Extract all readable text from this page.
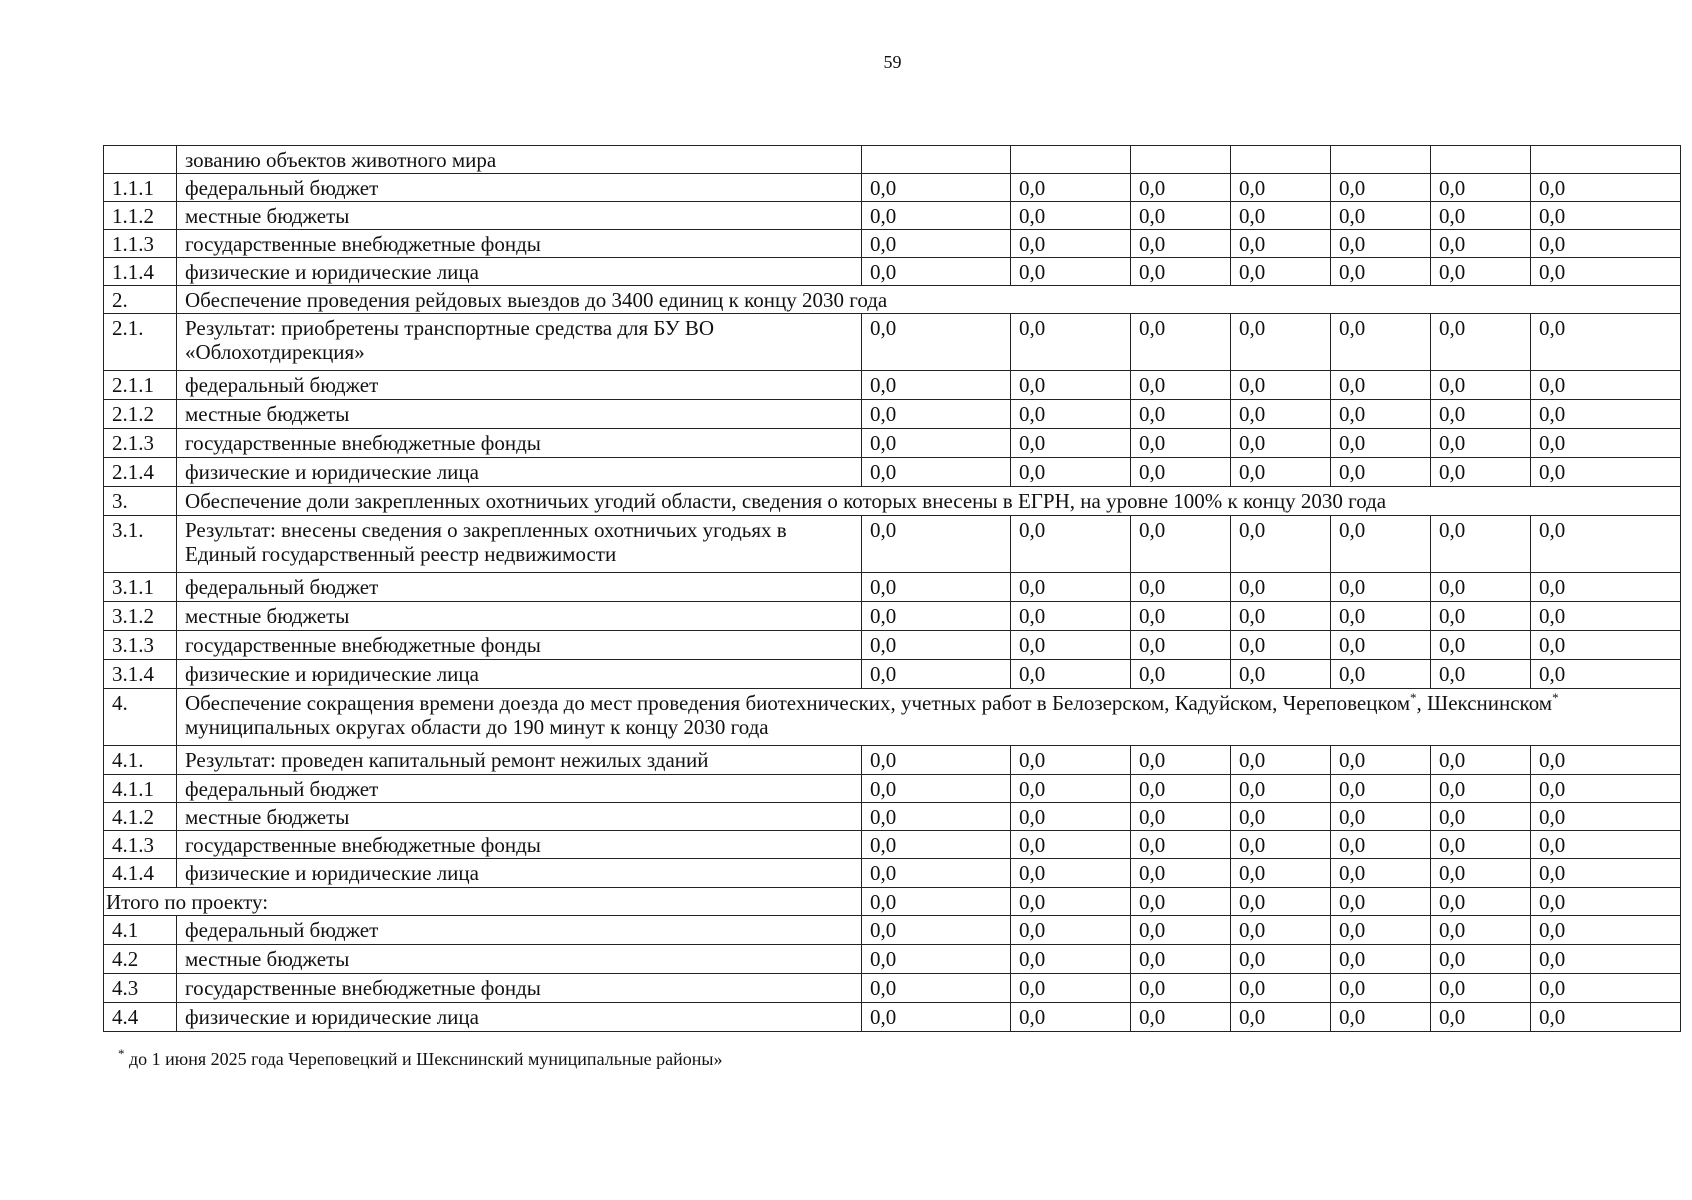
59
	зованию объектов животного мира							
1.1.1	федеральный бюджет	0,0	0,0	0,0	0,0	0,0	0,0	0,0
1.1.2	местные бюджеты	0,0	0,0	0,0	0,0	0,0	0,0	0,0
1.1.3	государственные внебюджетные фонды	0,0	0,0	0,0	0,0	0,0	0,0	0,0
1.1.4	физические и юридические лица	0,0	0,0	0,0	0,0	0,0	0,0	0,0
2.	Обеспечение проведения рейдовых выездов до 3400 единиц к концу 2030 года							
2.1.	Результат: приобретены транспортные средства для БУ ВО «Облохотдирекция»	0,0	0,0	0,0	0,0	0,0	0,0	0,0
2.1.1	федеральный бюджет	0,0	0,0	0,0	0,0	0,0	0,0	0,0
2.1.2	местные бюджеты	0,0	0,0	0,0	0,0	0,0	0,0	0,0
2.1.3	государственные внебюджетные фонды	0,0	0,0	0,0	0,0	0,0	0,0	0,0
2.1.4	физические и юридические лица	0,0	0,0	0,0	0,0	0,0	0,0	0,0
3.	Обеспечение доли закрепленных охотничьих угодий области, сведения о которых внесены в ЕГРН, на уровне 100% к концу 2030 года							
3.1.	Результат: внесены сведения о закрепленных охотничьих угодьях в Единый государственный реестр недвижимости	0,0	0,0	0,0	0,0	0,0	0,0	0,0
3.1.1	федеральный бюджет	0,0	0,0	0,0	0,0	0,0	0,0	0,0
3.1.2	местные бюджеты	0,0	0,0	0,0	0,0	0,0	0,0	0,0
3.1.3	государственные внебюджетные фонды	0,0	0,0	0,0	0,0	0,0	0,0	0,0
3.1.4	физические и юридические лица	0,0	0,0	0,0	0,0	0,0	0,0	0,0
4.	Обеспечение сокращения времени доезда до мест проведения биотехнических, учетных работ в Белозерском, Кадуйском, Череповецком*, Шекснинском* муниципальных округах области до 190 минут к концу 2030 года							
4.1.	Результат: проведен капитальный ремонт нежилых зданий	0,0	0,0	0,0	0,0	0,0	0,0	0,0
4.1.1	федеральный бюджет	0,0	0,0	0,0	0,0	0,0	0,0	0,0
4.1.2	местные бюджеты	0,0	0,0	0,0	0,0	0,0	0,0	0,0
4.1.3	государственные внебюджетные фонды	0,0	0,0	0,0	0,0	0,0	0,0	0,0
4.1.4	физические и юридические лица	0,0	0,0	0,0	0,0	0,0	0,0	0,0
Итого по проекту:		0,0	0,0	0,0	0,0	0,0	0,0	0,0
4.1	федеральный бюджет	0,0	0,0	0,0	0,0	0,0	0,0	0,0
4.2	местные бюджеты	0,0	0,0	0,0	0,0	0,0	0,0	0,0
4.3	государственные внебюджетные фонды	0,0	0,0	0,0	0,0	0,0	0,0	0,0
4.4	физические и юридические лица	0,0	0,0	0,0	0,0	0,0	0,0	0,0
* до 1 июня 2025 года Череповецкий и Шекснинский муниципальные районы»
